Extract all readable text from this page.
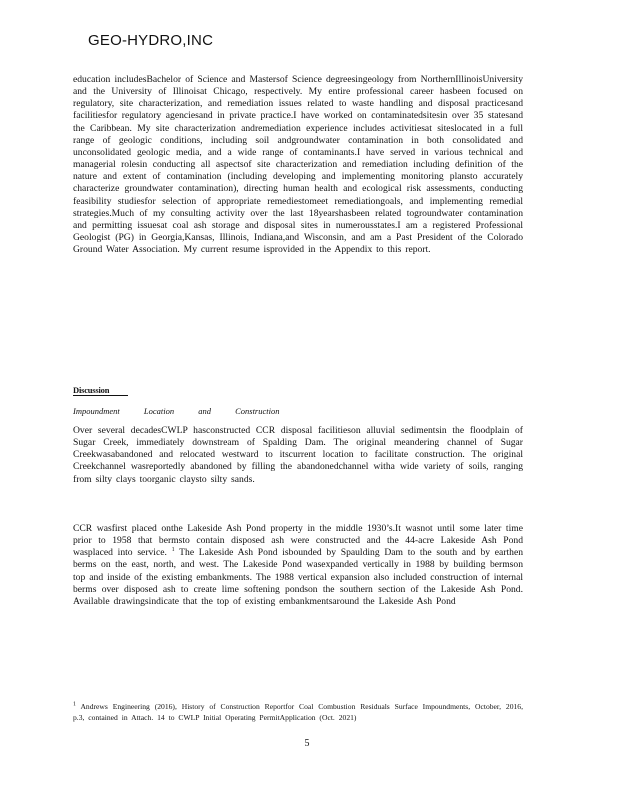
GEO-HYDRO,INC
education includesBachelor of Science and Mastersof Science degreesingeology from NorthernIllinoisUniversity and the University of Illinoisat Chicago, respectively. My entire professional career hasbeen focused on regulatory, site characterization, and remediation issues related to waste handling and disposal practicesand facilitiesfor regulatory agenciesand in private practice.I have worked on contaminatedsitesin over 35 statesand the Caribbean. My site characterization andremediation experience includes activitiesat siteslocated in a full range of geologic conditions, including soil andgroundwater contamination in both consolidated and unconsolidated geologic media, and a wide range of contaminants.I have served in various technical and managerial rolesin conducting all aspectsof site characterization and remediation including definition of the nature and extent of contamination (including developing and implementing monitoring plansto accurately characterize groundwater contamination), directing human health and ecological risk assessments, conducting feasibility studiesfor selection of appropriate remediestomeet remediationgoals, and implementing remedial strategies.Much of my consulting activity over the last 18yearshasbeen related togroundwater contamination and permitting issuesat coal ash storage and disposal sites in numerousstates.I am a registered Professional Geologist (PG) in Georgia,Kansas, Illinois, Indiana,and Wisconsin, and am a Past President of the Colorado Ground Water Association. My current resume isprovided in the Appendix to this report.
Discussion
Impoundment Location and Construction
Over several decadesCWLP hasconstructed CCR disposal facilitieson alluvial sedimentsin the floodplain of Sugar Creek, immediately downstream of Spalding Dam. The original meandering channel of Sugar Creekwasabandoned and relocated westward to itscurrent location to facilitate construction. The original Creekchannel wasreportedly abandoned by filling the abandonedchannel witha wide variety of soils, ranging from silty clays toorganic claysto silty sands.
CCR wasfirst placed onthe Lakeside Ash Pond property in the middle 1930’s.It wasnot until some later time prior to 1958 that bermsto contain disposed ash were constructed and the 44-acre Lakeside Ash Pond wasplaced into service. $^1$ The Lakeside Ash Pond isbounded by Spaulding Dam to the south and by earthen berms on the east, north, and west. The Lakeside Pond wasexpanded vertically in 1988 by building bermson top and inside of the existing embankments. The 1988 vertical expansion also included construction of internal berms over disposed ash to create lime softening pondson the southern section of the Lakeside Ash Pond. Available drawingsindicate that the top of existing embankmentsaround the Lakeside Ash Pond
$^1$ Andrews Engineering (2016), History of Construction Reportfor Coal Combustion Residuals Surface Impoundments, October, 2016, p.3, contained in Attach. 14 to CWLP Initial Operating PermitApplication (Oct. 2021)
5
